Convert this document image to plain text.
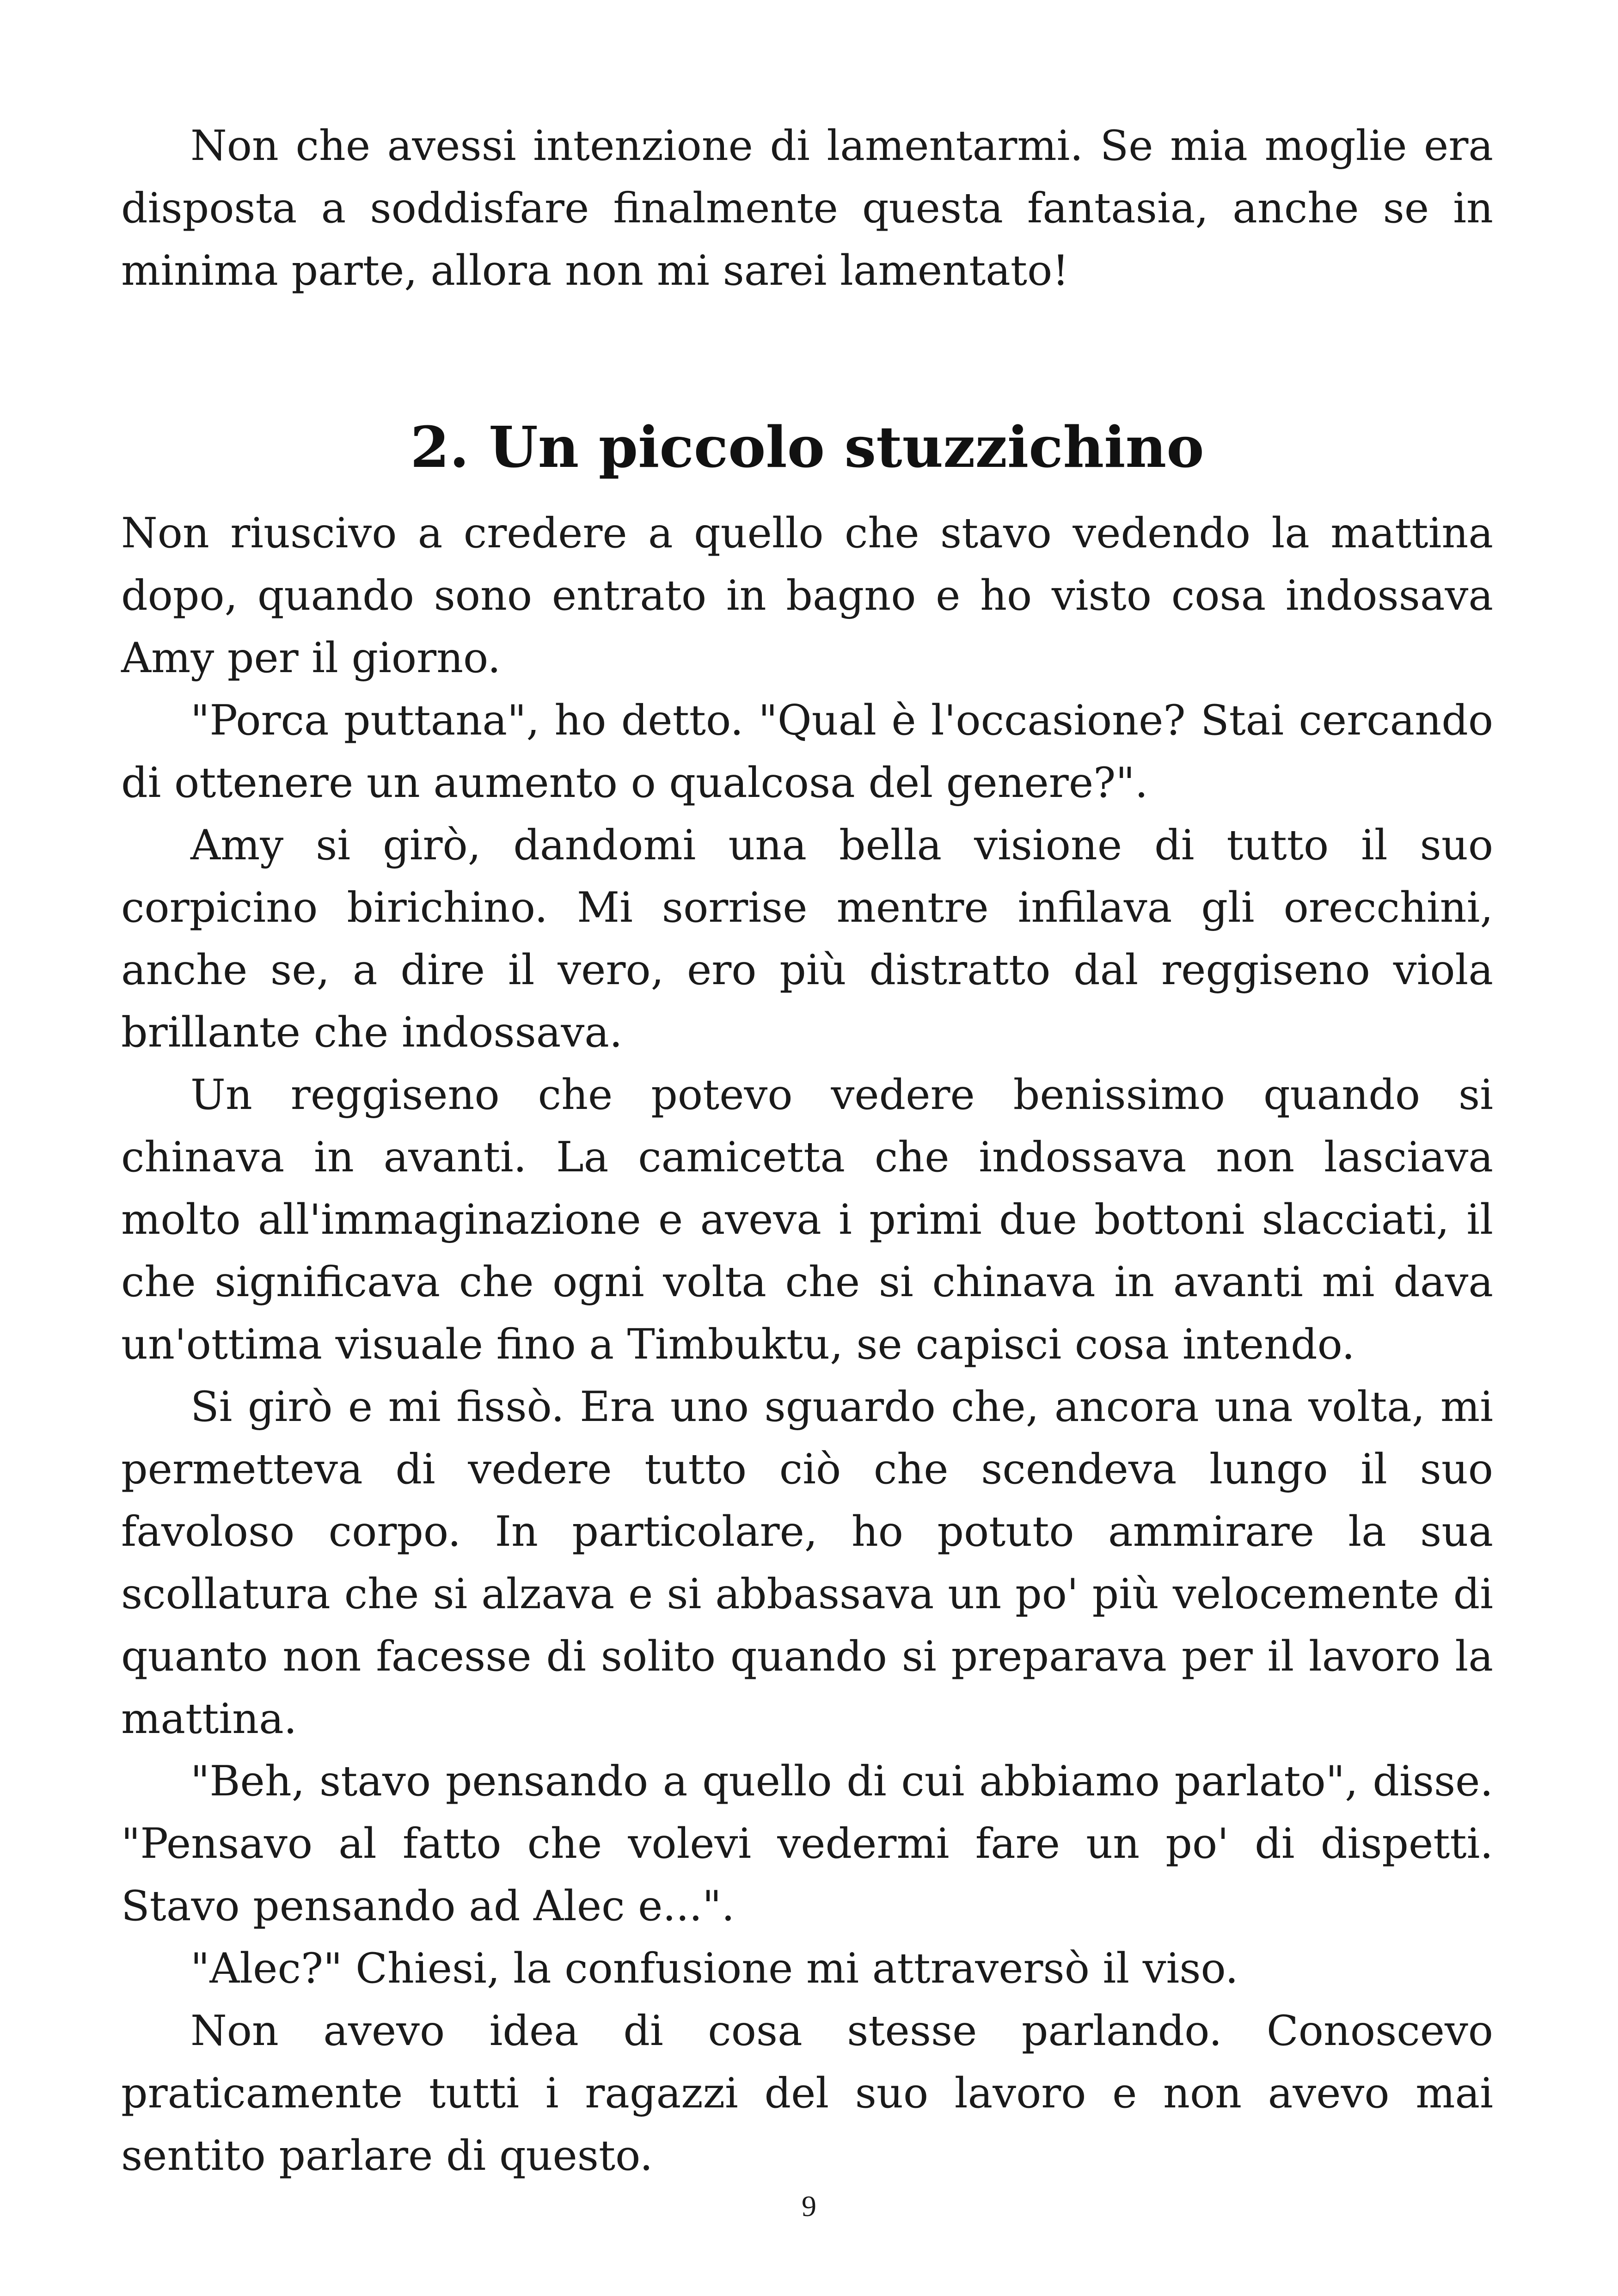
Non che avessi intenzione di lamentarmi. Se mia moglie era disposta a soddisfare finalmente questa fantasia, anche se in minima parte, allora non mi sarei lamentato!

2. Un piccolo stuzzichino

Non riuscivo a credere a quello che stavo vedendo la mattina dopo, quando sono entrato in bagno e ho visto cosa indossava Amy per il giorno.

"Porca puttana", ho detto. "Qual è l'occasione? Stai cercando di ottenere un aumento o qualcosa del genere?".

Amy si girò, dandomi una bella visione di tutto il suo corpicino birichino. Mi sorrise mentre infilava gli orecchini, anche se, a dire il vero, ero più distratto dal reggiseno viola brillante che indossava.

Un reggiseno che potevo vedere benissimo quando si chinava in avanti. La camicetta che indossava non lasciava molto all'immaginazione e aveva i primi due bottoni slacciati, il che significava che ogni volta che si chinava in avanti mi dava un'ottima visuale fino a Timbuktu, se capisci cosa intendo.

Si girò e mi fissò. Era uno sguardo che, ancora una volta, mi permetteva di vedere tutto ciò che scendeva lungo il suo favoloso corpo. In particolare, ho potuto ammirare la sua scollatura che si alzava e si abbassava un po' più velocemente di quanto non facesse di solito quando si preparava per il lavoro la mattina.

"Beh, stavo pensando a quello di cui abbiamo parlato", disse. "Pensavo al fatto che volevi vedermi fare un po' di dispetti. Stavo pensando ad Alec e...".

"Alec?" Chiesi, la confusione mi attraversò il viso.

Non avevo idea di cosa stesse parlando. Conoscevo praticamente tutti i ragazzi del suo lavoro e non avevo mai sentito parlare di questo.

9
